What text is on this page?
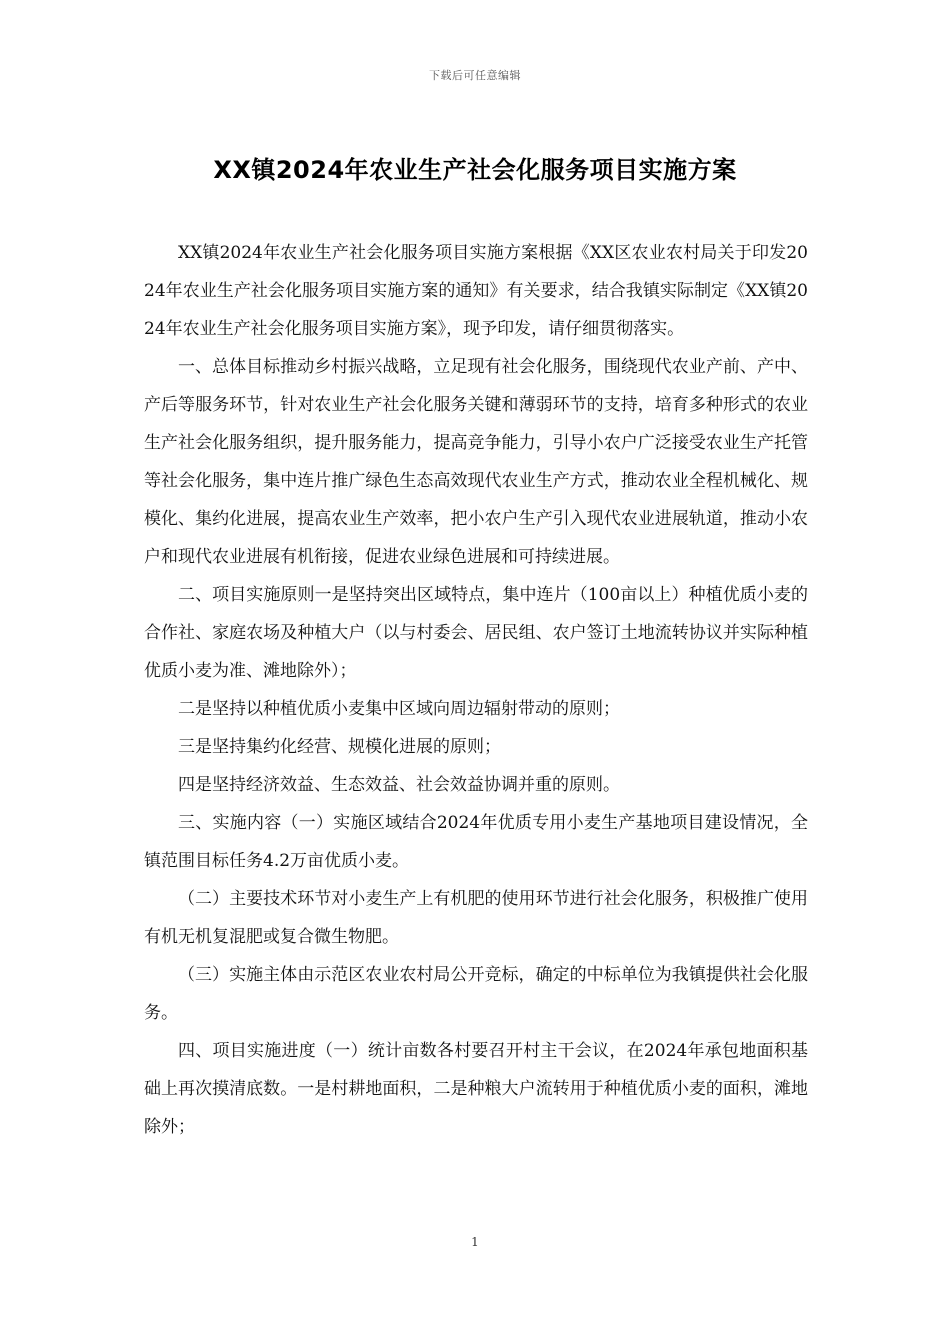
下载后可任意编辑
XX镇2024年农业生产社会化服务项目实施方案

XX镇2024年农业生产社会化服务项目实施方案根据《XX区农业农村局关于印发2024年农业生产社会化服务项目实施方案的通知》有关要求，结合我镇实际制定《XX镇2024年农业生产社会化服务项目实施方案》，现予印发，请仔细贯彻落实。

一、总体目标推动乡村振兴战略，立足现有社会化服务，围绕现代农业产前、产中、产后等服务环节，针对农业生产社会化服务关键和薄弱环节的支持，培育多种形式的农业生产社会化服务组织，提升服务能力，提高竞争能力，引导小农户广泛接受农业生产托管等社会化服务，集中连片推广绿色生态高效现代农业生产方式，推动农业全程机械化、规模化、集约化进展，提高农业生产效率，把小农户生产引入现代农业进展轨道，推动小农户和现代农业进展有机衔接，促进农业绿色进展和可持续进展。

二、项目实施原则一是坚持突出区域特点，集中连片（100亩以上）种植优质小麦的合作社、家庭农场及种植大户（以与村委会、居民组、农户签订土地流转协议并实际种植优质小麦为准、滩地除外）；

二是坚持以种植优质小麦集中区域向周边辐射带动的原则；

三是坚持集约化经营、规模化进展的原则；

四是坚持经济效益、生态效益、社会效益协调并重的原则。

三、实施内容（一）实施区域结合2024年优质专用小麦生产基地项目建设情况，全镇范围目标任务4.2万亩优质小麦。

（二）主要技术环节对小麦生产上有机肥的使用环节进行社会化服务，积极推广使用有机无机复混肥或复合微生物肥。

（三）实施主体由示范区农业农村局公开竞标，确定的中标单位为我镇提供社会化服务。

四、项目实施进度（一）统计亩数各村要召开村主干会议，在2024年承包地面积基础上再次摸清底数。一是村耕地面积，二是种粮大户流转用于种植优质小麦的面积，滩地除外；

1
